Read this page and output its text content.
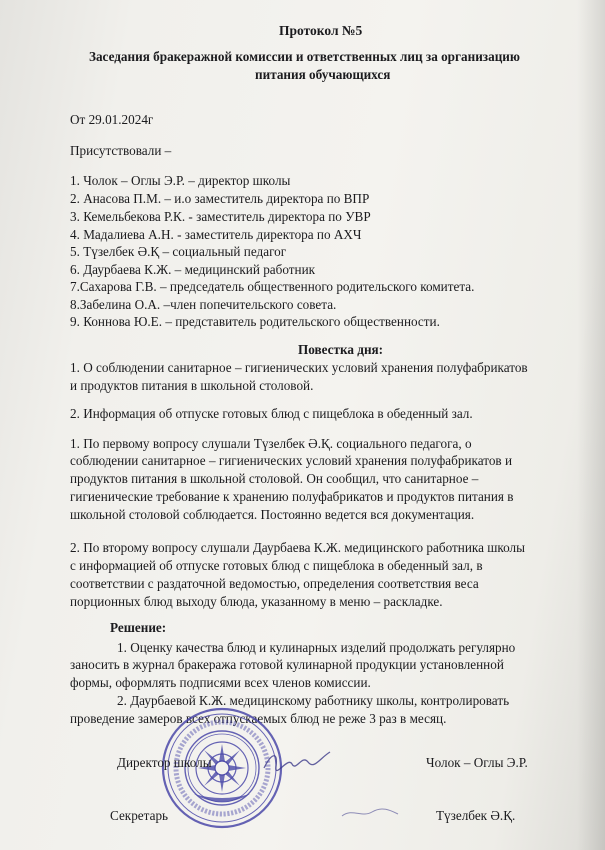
Протокол №5
Заседания бракеражной комиссии и ответственных лиц за организацию
питания обучающихся
От 29.01.2024г
Присутствовали –
1. Чолок – Оглы Э.Р. – директор школы
2. Анасова П.М. – и.о заместитель директора по ВПР
3. Кемельбекова Р.К. - заместитель директора по УВР
4. Мадалиева А.Н. - заместитель директора по АХЧ
5. Түзелбек Ә.Қ – социальный педагог
6. Даурбаева К.Ж. – медицинский работник
7.Сахарова Г.В. – председатель общественного родительского комитета.
8.Забелина О.А. –член попечительского совета.
9. Коннова Ю.Е. – представитель родительского общественности.
Повестка дня:
1. О соблюдении санитарное – гигиенических условий хранения полуфабрикатов
и продуктов питания в школьной столовой.
2. Информация об отпуске готовых блюд с пищеблока в обеденный зал.
1. По первому вопросу слушали Түзелбек Ә.Қ. социального педагога, о
соблюдении санитарное – гигиенических условий хранения полуфабрикатов и
продуктов питания в школьной столовой. Он сообщил, что санитарное –
гигиенические требование к хранению полуфабрикатов и продуктов питания в
школьной столовой соблюдается. Постоянно ведется вся документация.
2. По второму вопросу слушали Даурбаева К.Ж. медицинского работника школы
с информацией об отпуске готовых блюд с пищеблока в обеденный зал, в
соответствии с раздаточной ведомостью, определения соответствия веса
порционных блюд выходу блюда, указанному в меню – раскладке.
Решение:
1. Оценку качества блюд и кулинарных изделий продолжать регулярно
заносить в журнал бракеража готовой кулинарной продукции установленной
формы, оформлять подписями всех членов комиссии.
2. Даурбаевой К.Ж. медицинскому работнику школы, контролировать
проведение замеров всех отпускаемых блюд не реже 3 раз в месяц.
Директор школы	Чолок – Оглы Э.Р.
Секретарь	Түзелбек Ә.Қ.
